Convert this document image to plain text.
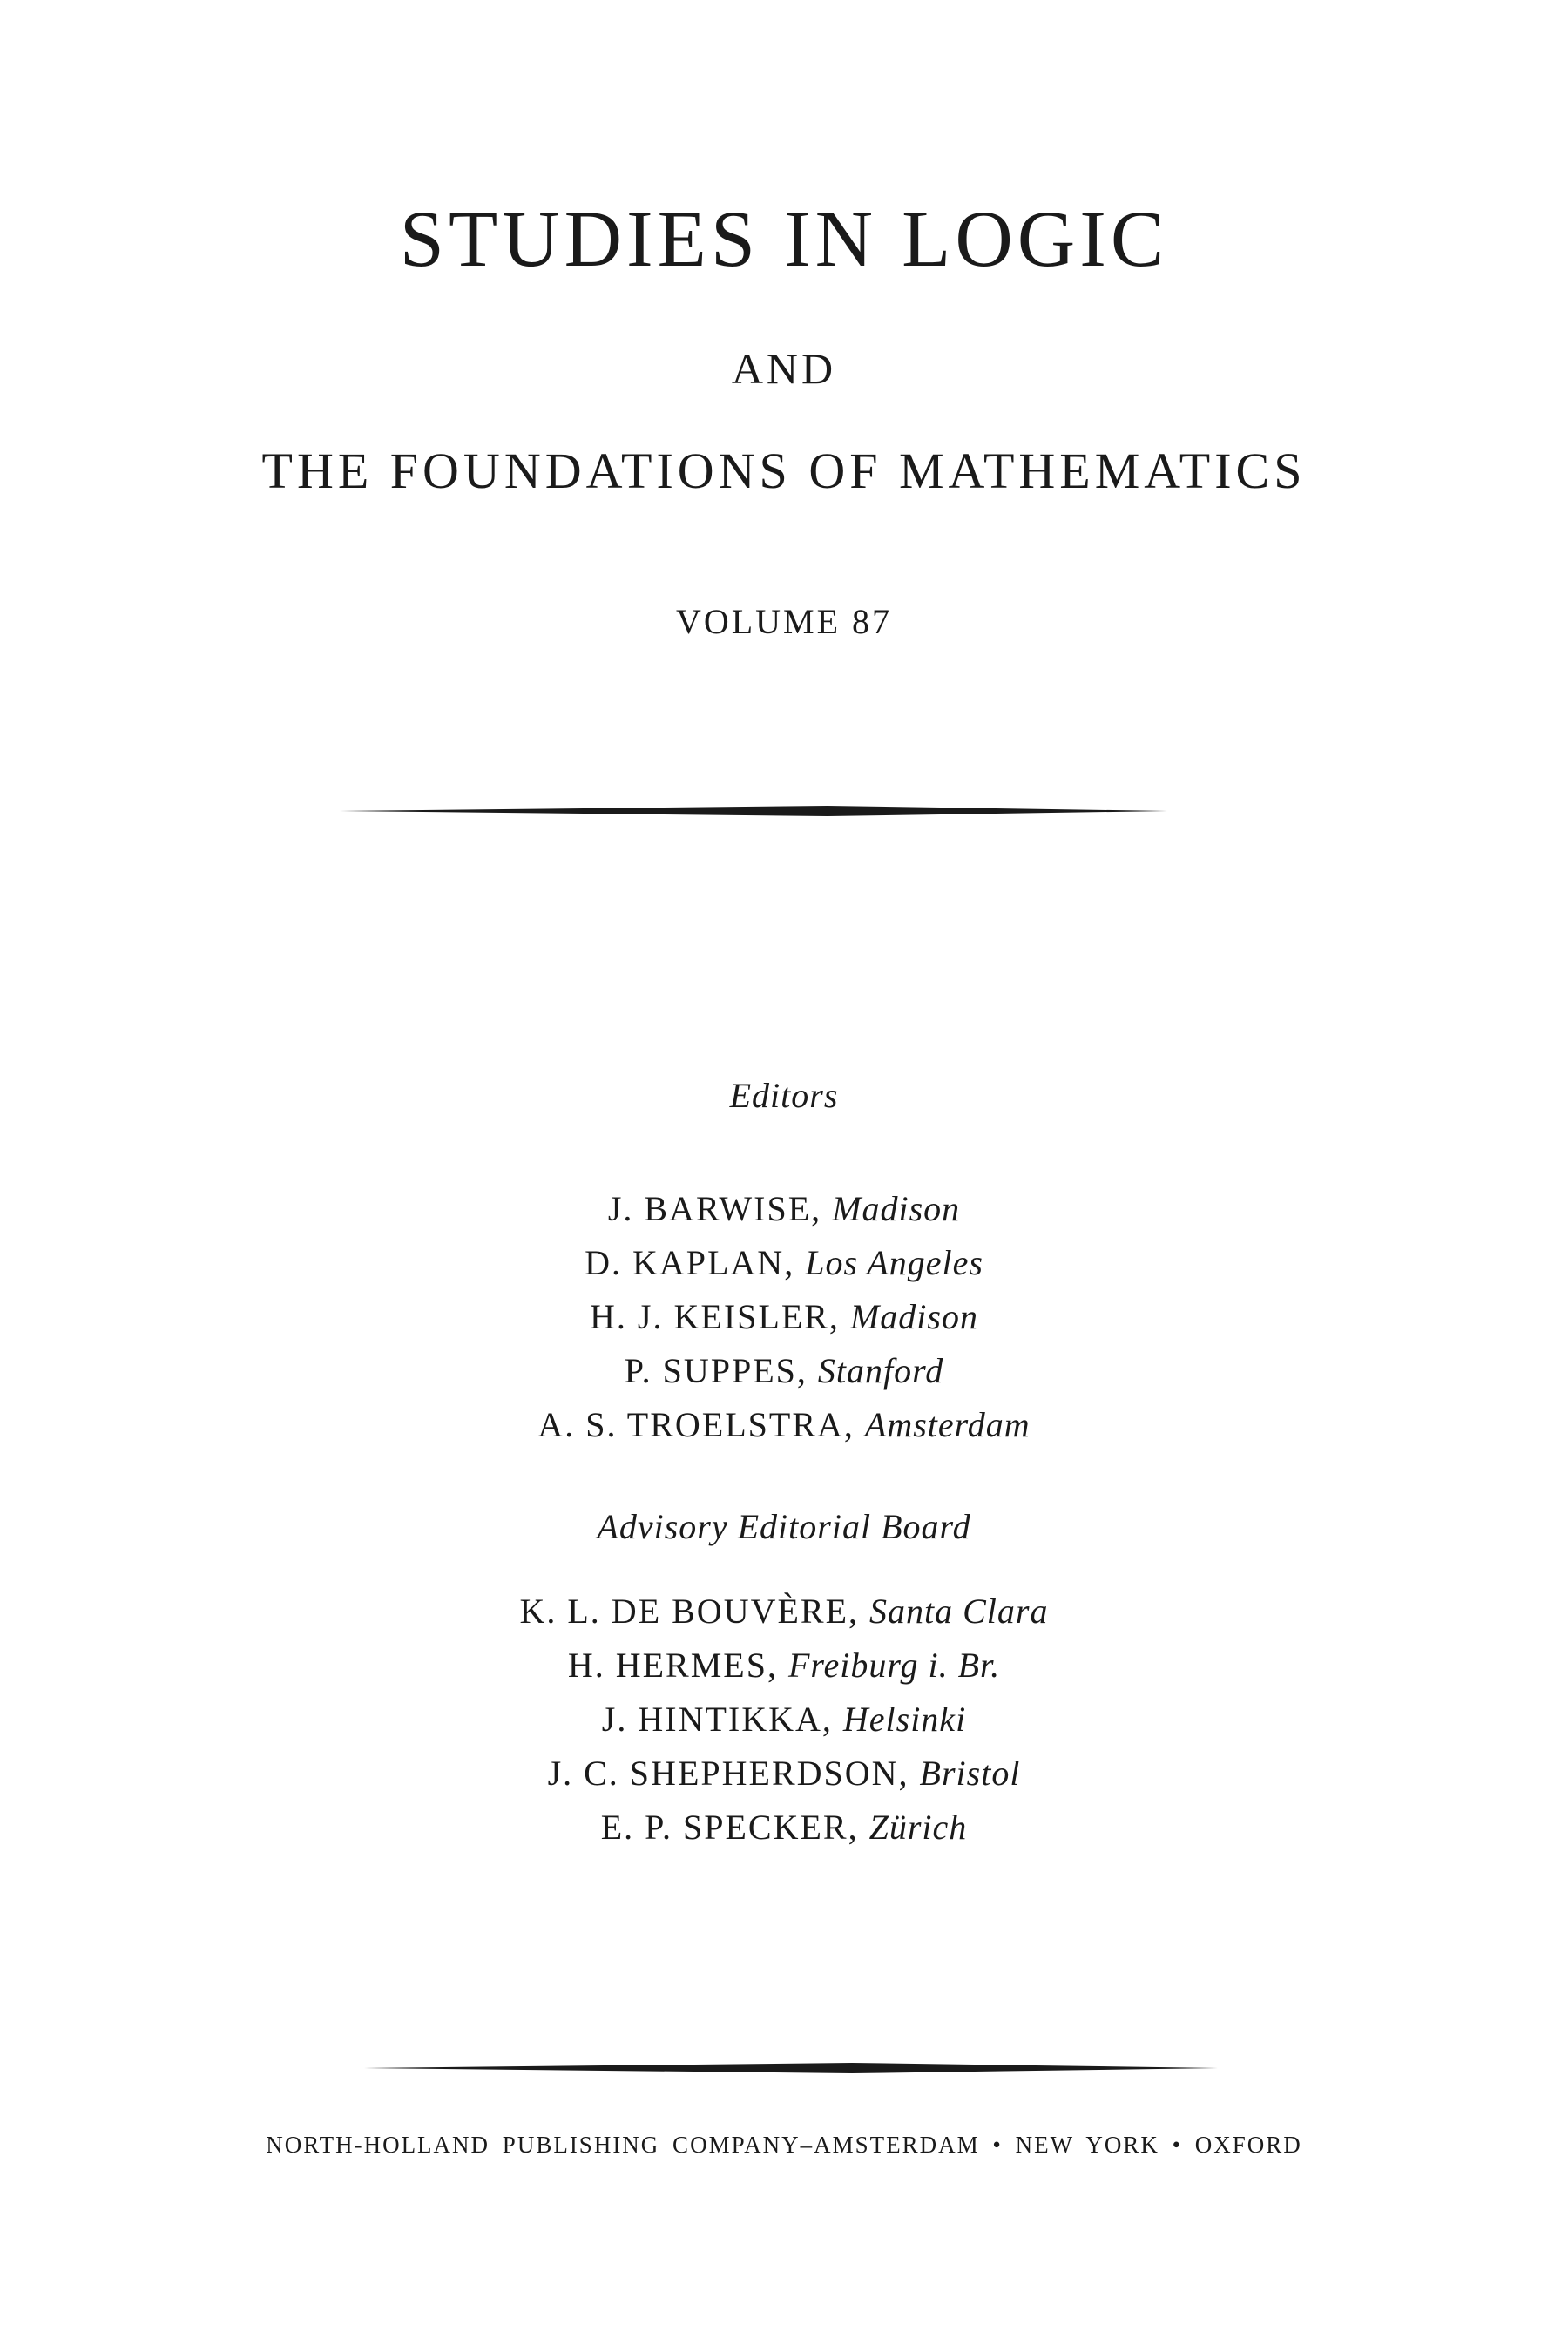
STUDIES IN LOGIC
AND
THE FOUNDATIONS OF MATHEMATICS
VOLUME 87
Editors
J. BARWISE, Madison
D. KAPLAN, Los Angeles
H. J. KEISLER, Madison
P. SUPPES, Stanford
A. S. TROELSTRA, Amsterdam
Advisory Editorial Board
K. L. DE BOUVÈRE, Santa Clara
H. HERMES, Freiburg i. Br.
J. HINTIKKA, Helsinki
J. C. SHEPHERDSON, Bristol
E. P. SPECKER, Zürich
NORTH-HOLLAND PUBLISHING COMPANY–AMSTERDAM • NEW YORK • OXFORD
